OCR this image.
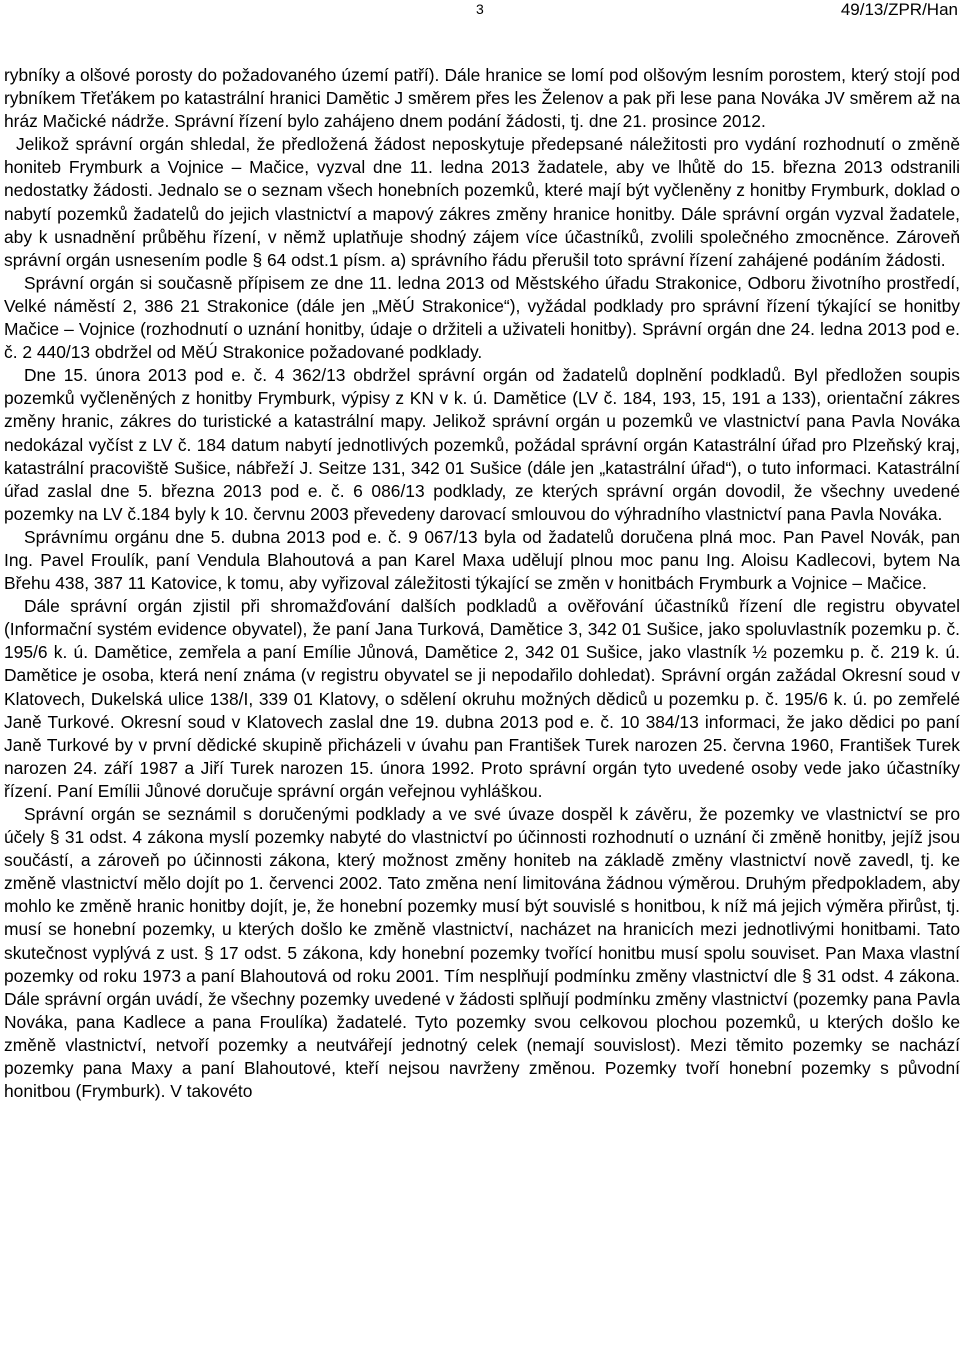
3	49/13/ZPR/Han

rybníky a olšové porosty do požadovaného území patří). Dále hranice se lomí pod olšovým lesním porostem, který stojí pod rybníkem Třeťákem po katastrální hranici Damětic J směrem přes les Želenov a pak při lese pana Nováka JV směrem až na hráz Mačické nádrže. Správní řízení bylo zahájeno dnem podání žádosti, tj. dne 21. prosince 2012.

Jelikož správní orgán shledal, že předložená žádost neposkytuje předepsané náležitosti pro vydání rozhodnutí o změně honiteb Frymburk a Vojnice – Mačice, vyzval dne 11. ledna 2013 žadatele, aby ve lhůtě do 15. března 2013 odstranili nedostatky žádosti. Jednalo se o seznam všech honebních pozemků, které mají být vyčleněny z honitby Frymburk, doklad o nabytí pozemků žadatelů do jejich vlastnictví a mapový zákres změny hranice honitby. Dále správní orgán vyzval žadatele, aby k usnadnění průběhu řízení, v němž uplatňuje shodný zájem více účastníků, zvolili společného zmocněnce. Zároveň správní orgán usnesením podle § 64 odst.1 písm. a) správního řádu přerušil toto správní řízení zahájené podáním žádosti.

Správní orgán si současně přípisem ze dne 11. ledna 2013 od Městského úřadu Strakonice, Odboru životního prostředí, Velké náměstí 2, 386 21 Strakonice (dále jen „MěÚ Strakonice“), vyžádal podklady pro správní řízení týkající se honitby Mačice – Vojnice (rozhodnutí o uznání honitby, údaje o držiteli a uživateli honitby). Správní orgán dne 24. ledna 2013 pod e. č. 2 440/13 obdržel od MěÚ Strakonice požadované podklady.

Dne 15. února 2013 pod e. č. 4 362/13 obdržel správní orgán od žadatelů doplnění podkladů. Byl předložen soupis pozemků vyčleněných z honitby Frymburk, výpisy z KN v k. ú. Damětice (LV č. 184, 193, 15, 191 a 133), orientační zákres změny hranic, zákres do turistické a katastrální mapy. Jelikož správní orgán u pozemků ve vlastnictví pana Pavla Nováka nedokázal vyčíst z LV č. 184 datum nabytí jednotlivých pozemků, požádal správní orgán Katastrální úřad pro Plzeňský kraj, katastrální pracoviště Sušice, nábřeží J. Seitze 131, 342 01 Sušice (dále jen „katastrální úřad“), o tuto informaci. Katastrální úřad zaslal dne 5. března 2013 pod e. č. 6 086/13 podklady, ze kterých správní orgán dovodil, že všechny uvedené pozemky na LV č.184 byly k 10. červnu 2003 převedeny darovací smlouvou do výhradního vlastnictví pana Pavla Nováka.

Správnímu orgánu dne 5. dubna 2013 pod e. č. 9 067/13 byla od žadatelů doručena plná moc. Pan Pavel Novák, pan Ing. Pavel Froulík, paní Vendula Blahoutová a pan Karel Maxa udělují plnou moc panu Ing. Aloisu Kadlecovi, bytem Na Břehu 438, 387 11 Katovice, k tomu, aby vyřizoval záležitosti týkající se změn v honitbách Frymburk a Vojnice – Mačice.

Dále správní orgán zjistil při shromažďování dalších podkladů a ověřování účastníků řízení dle registru obyvatel (Informační systém evidence obyvatel), že paní Jana Turková, Damětice 3, 342 01 Sušice, jako spoluvlastník pozemku p. č. 195/6 k. ú. Damětice, zemřela a paní Emílie Jůnová, Damětice 2, 342 01 Sušice, jako vlastník ½ pozemku p. č. 219 k. ú. Damětice je osoba, která není známa (v registru obyvatel se ji nepodařilo dohledat). Správní orgán zažádal Okresní soud v Klatovech, Dukelská ulice 138/I, 339 01 Klatovy, o sdělení okruhu možných dědiců u pozemku p. č. 195/6 k. ú. po zemřelé Janě Turkové. Okresní soud v Klatovech zaslal dne 19. dubna 2013 pod e. č. 10 384/13 informaci, že jako dědici po paní Janě Turkové by v první dědické skupině přicházeli v úvahu pan František Turek narozen 25. června 1960, František Turek narozen 24. září 1987 a Jiří Turek narozen 15. února 1992. Proto správní orgán tyto uvedené osoby vede jako účastníky řízení. Paní Emílii Jůnové doručuje správní orgán veřejnou vyhláškou.

Správní orgán se seznámil s doručenými podklady a ve své úvaze dospěl k závěru, že pozemky ve vlastnictví se pro účely § 31 odst. 4 zákona myslí pozemky nabyté do vlastnictví po účinnosti rozhodnutí o uznání či změně honitby, jejíž jsou součástí, a zároveň po účinnosti zákona, který možnost změny honiteb na základě změny vlastnictví nově zavedl, tj. ke změně vlastnictví mělo dojít po 1. červenci 2002. Tato změna není limitována žádnou výměrou. Druhým předpokladem, aby mohlo ke změně hranic honitby dojít, je, že honební pozemky musí být souvislé s honitbou, k níž má jejich výměra přirůst, tj. musí se honební pozemky, u kterých došlo ke změně vlastnictví, nacházet na hranicích mezi jednotlivými honitbami. Tato skutečnost vyplývá z ust. § 17 odst. 5 zákona, kdy honební pozemky tvořící honitbu musí spolu souviset. Pan Maxa vlastní pozemky od roku 1973 a paní Blahoutová od roku 2001. Tím nesplňují podmínku změny vlastnictví dle § 31 odst. 4 zákona. Dále správní orgán uvádí, že všechny pozemky uvedené v žádosti splňují podmínku změny vlastnictví (pozemky pana Pavla Nováka, pana Kadlece a pana Froulíka) žadatelé. Tyto pozemky svou celkovou plochou pozemků, u kterých došlo ke změně vlastnictví, netvoří pozemky a neutvářejí jednotný celek (nemají souvislost). Mezi těmito pozemky se nachází pozemky pana Maxy a paní Blahoutové, kteří nejsou navrženy změnou. Pozemky tvoří honební pozemky s původní honitbou (Frymburk). V takovéto
